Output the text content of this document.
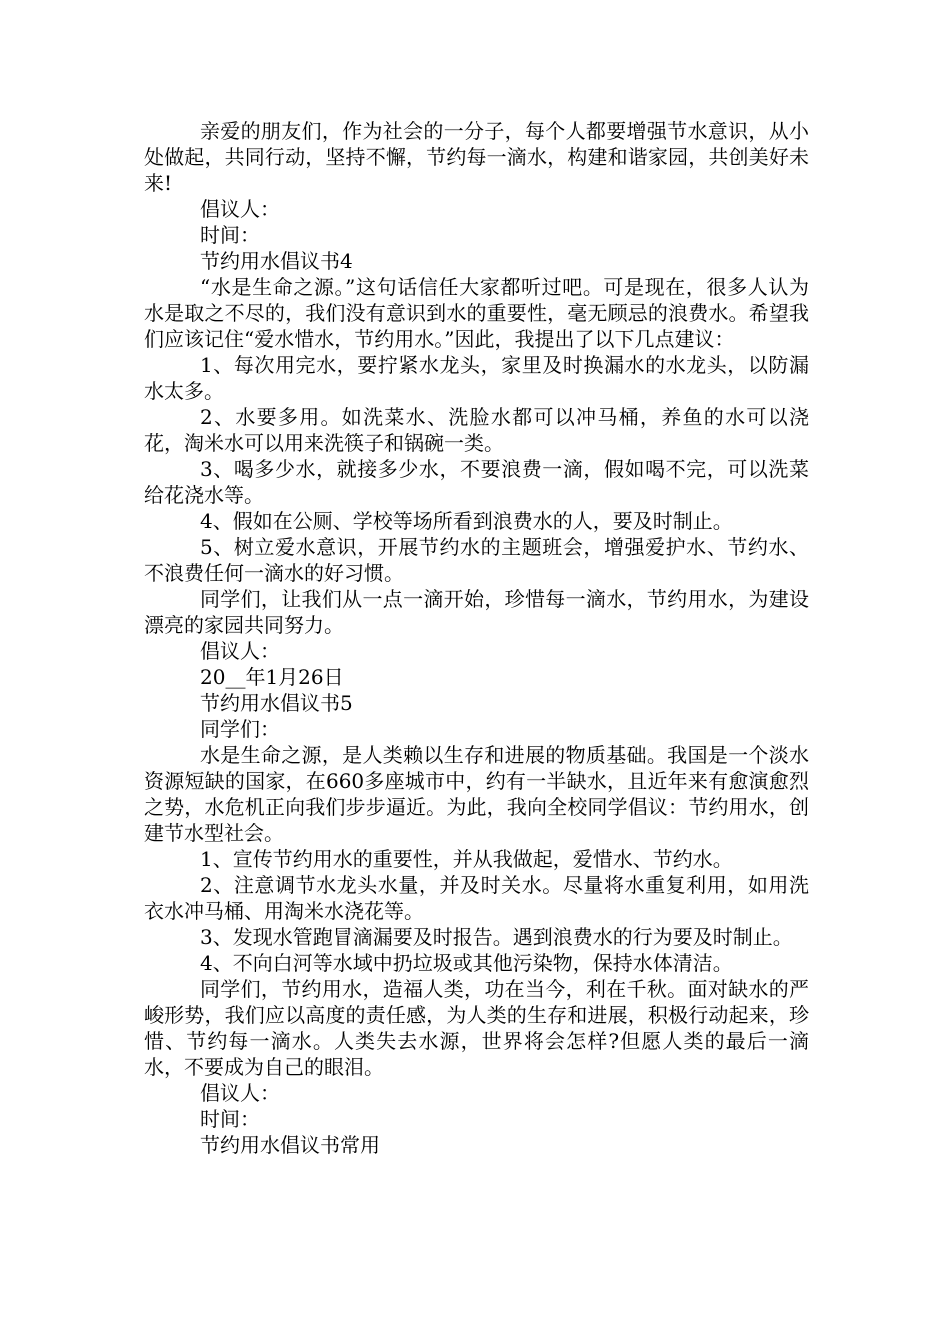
亲爱的朋友们，作为社会的一分子，每个人都要增强节水意识，从小处做起，共同行动，坚持不懈，节约每一滴水，构建和谐家园，共创美好未来!

倡议人：

时间：

节约用水倡议书4

“水是生命之源。”这句话信任大家都听过吧。可是现在，很多人认为水是取之不尽的，我们没有意识到水的重要性，毫无顾忌的浪费水。希望我们应该记住“爱水惜水，节约用水。”因此，我提出了以下几点建议：

1、每次用完水，要拧紧水龙头，家里及时换漏水的水龙头，以防漏水太多。

2、水要多用。如洗菜水、洗脸水都可以冲马桶，养鱼的水可以浇花，淘米水可以用来洗筷子和锅碗一类。

3、喝多少水，就接多少水，不要浪费一滴，假如喝不完，可以洗菜给花浇水等。

4、假如在公厕、学校等场所看到浪费水的人，要及时制止。

5、树立爱水意识，开展节约水的主题班会，增强爱护水、节约水、不浪费任何一滴水的好习惯。

同学们，让我们从一点一滴开始，珍惜每一滴水，节约用水，为建设漂亮的家园共同努力。

倡议人：

20__年1月26日

节约用水倡议书5

同学们：

水是生命之源，是人类赖以生存和进展的物质基础。我国是一个淡水资源短缺的国家，在660多座城市中，约有一半缺水，且近年来有愈演愈烈之势，水危机正向我们步步逼近。为此，我向全校同学倡议：节约用水，创建节水型社会。

1、宣传节约用水的重要性，并从我做起，爱惜水、节约水。

2、注意调节水龙头水量，并及时关水。尽量将水重复利用，如用洗衣水冲马桶、用淘米水浇花等。

3、发现水管跑冒滴漏要及时报告。遇到浪费水的行为要及时制止。

4、不向白河等水域中扔垃圾或其他污染物，保持水体清洁。

同学们，节约用水，造福人类，功在当今，利在千秋。面对缺水的严峻形势，我们应以高度的责任感，为人类的生存和进展，积极行动起来，珍惜、节约每一滴水。人类失去水源，世界将会怎样?但愿人类的最后一滴水，不要成为自己的眼泪。

倡议人：

时间：

节约用水倡议书常用
